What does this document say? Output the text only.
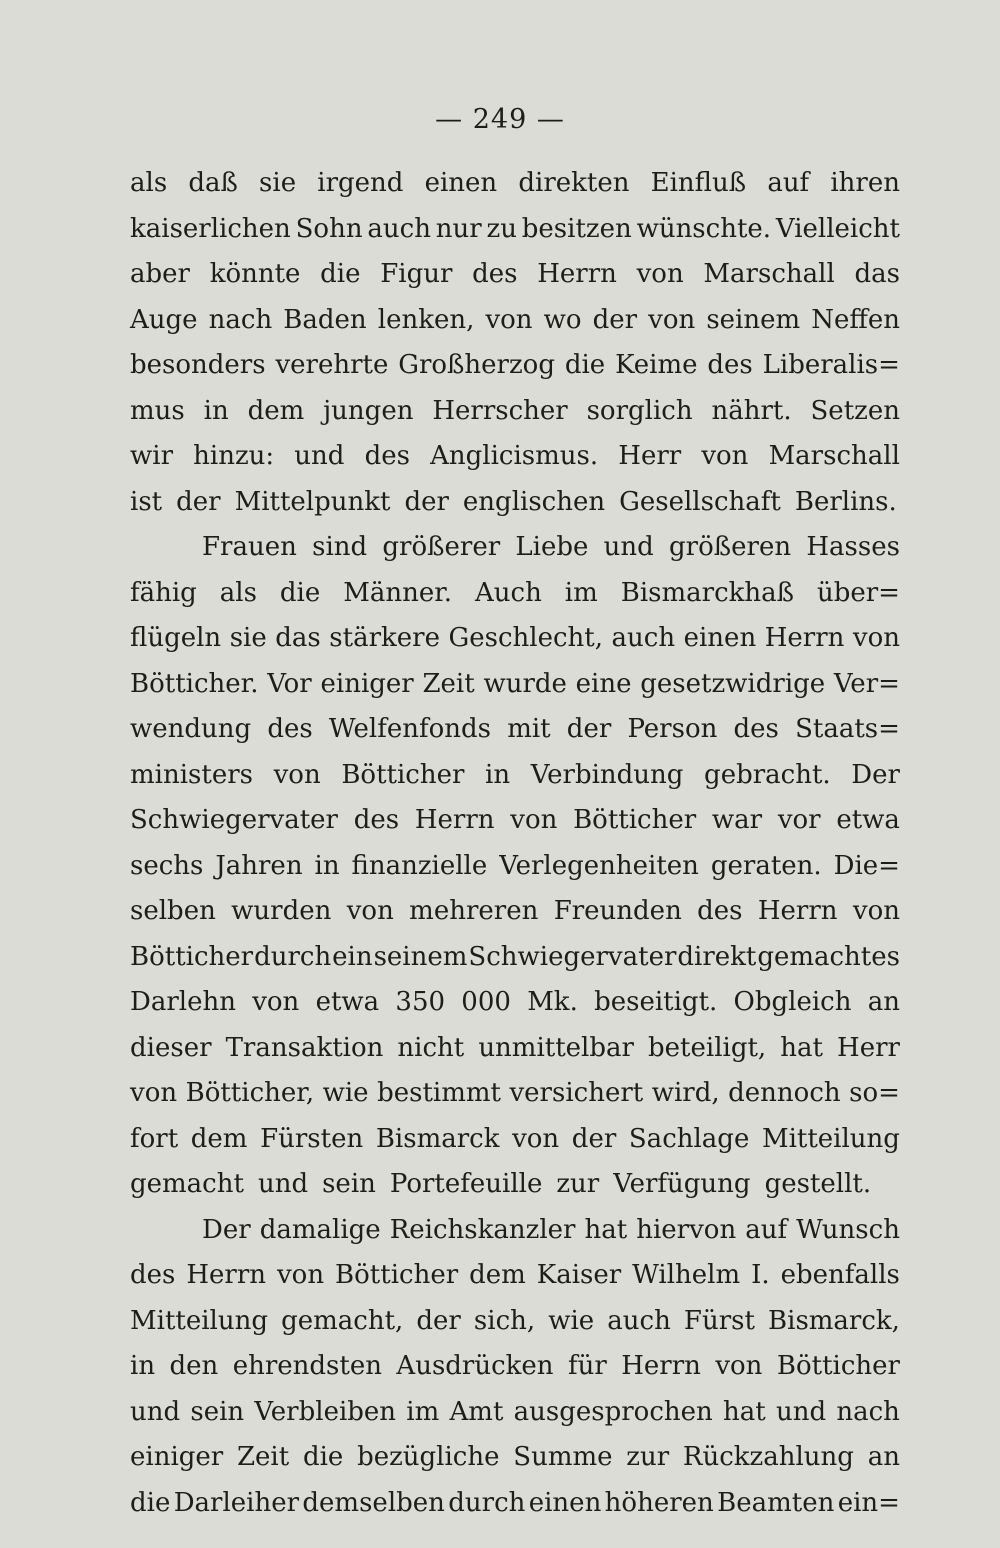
— 249 —
als daß sie irgend einen direkten Einfluß auf ihren
kaiserlichen Sohn auch nur zu besitzen wünschte. Vielleicht
aber könnte die Figur des Herrn von Marschall das
Auge nach Baden lenken, von wo der von seinem Neffen
besonders verehrte Großherzog die Keime des Liberalis=
mus in dem jungen Herrscher sorglich nährt. Setzen
wir hinzu: und des Anglicismus. Herr von Marschall
ist der Mittelpunkt der englischen Gesellschaft Berlins.
Frauen sind größerer Liebe und größeren Hasses
fähig als die Männer. Auch im Bismarckhaß über=
flügeln sie das stärkere Geschlecht, auch einen Herrn von
Bötticher. Vor einiger Zeit wurde eine gesetzwidrige Ver=
wendung des Welfenfonds mit der Person des Staats=
ministers von Bötticher in Verbindung gebracht. Der
Schwiegervater des Herrn von Bötticher war vor etwa
sechs Jahren in finanzielle Verlegenheiten geraten. Die=
selben wurden von mehreren Freunden des Herrn von
Bötticher durch ein seinem Schwiegervater direkt gemachtes
Darlehn von etwa 350 000 Mk. beseitigt. Obgleich an
dieser Transaktion nicht unmittelbar beteiligt, hat Herr
von Bötticher, wie bestimmt versichert wird, dennoch so=
fort dem Fürsten Bismarck von der Sachlage Mitteilung
gemacht und sein Portefeuille zur Verfügung gestellt.
Der damalige Reichskanzler hat hiervon auf Wunsch
des Herrn von Bötticher dem Kaiser Wilhelm I. ebenfalls
Mitteilung gemacht, der sich, wie auch Fürst Bismarck,
in den ehrendsten Ausdrücken für Herrn von Bötticher
und sein Verbleiben im Amt ausgesprochen hat und nach
einiger Zeit die bezügliche Summe zur Rückzahlung an
die Darleiher demselben durch einen höheren Beamten ein=
